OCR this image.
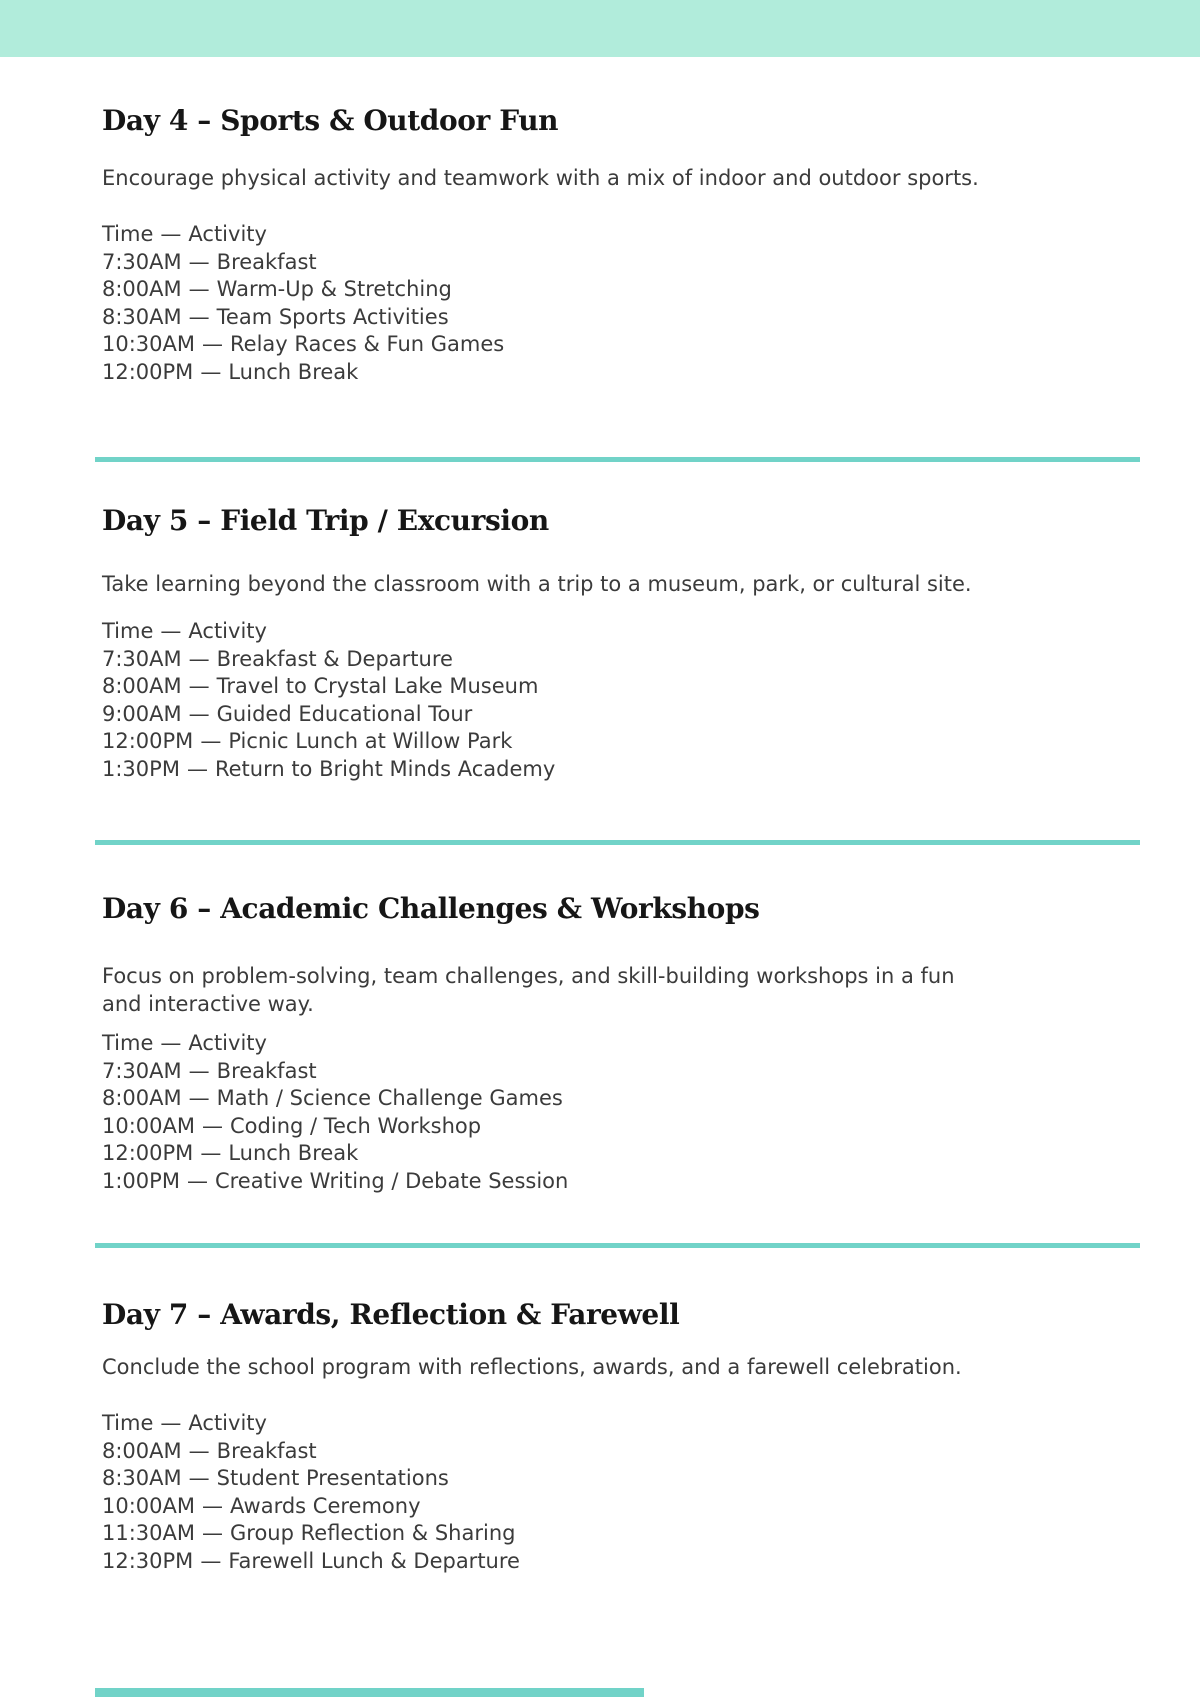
Day 4 – Sports & Outdoor Fun

Encourage physical activity and teamwork with a mix of indoor and outdoor sports.

Time — Activity
7:30AM — Breakfast
8:00AM — Warm-Up & Stretching
8:30AM — Team Sports Activities
10:30AM — Relay Races & Fun Games
12:00PM — Lunch Break
Day 5 – Field Trip / Excursion

Take learning beyond the classroom with a trip to a museum, park, or cultural site.

Time — Activity
7:30AM — Breakfast & Departure
8:00AM — Travel to Crystal Lake Museum
9:00AM — Guided Educational Tour
12:00PM — Picnic Lunch at Willow Park
1:30PM — Return to Bright Minds Academy
Day 6 – Academic Challenges & Workshops

Focus on problem-solving, team challenges, and skill-building workshops in a fun
and interactive way.

Time — Activity
7:30AM — Breakfast
8:00AM — Math / Science Challenge Games
10:00AM — Coding / Tech Workshop
12:00PM — Lunch Break
1:00PM — Creative Writing / Debate Session
Day 7 – Awards, Reflection & Farewell

Conclude the school program with reflections, awards, and a farewell celebration.

Time — Activity
8:00AM — Breakfast
8:30AM — Student Presentations
10:00AM — Awards Ceremony
11:30AM — Group Reflection & Sharing
12:30PM — Farewell Lunch & Departure
